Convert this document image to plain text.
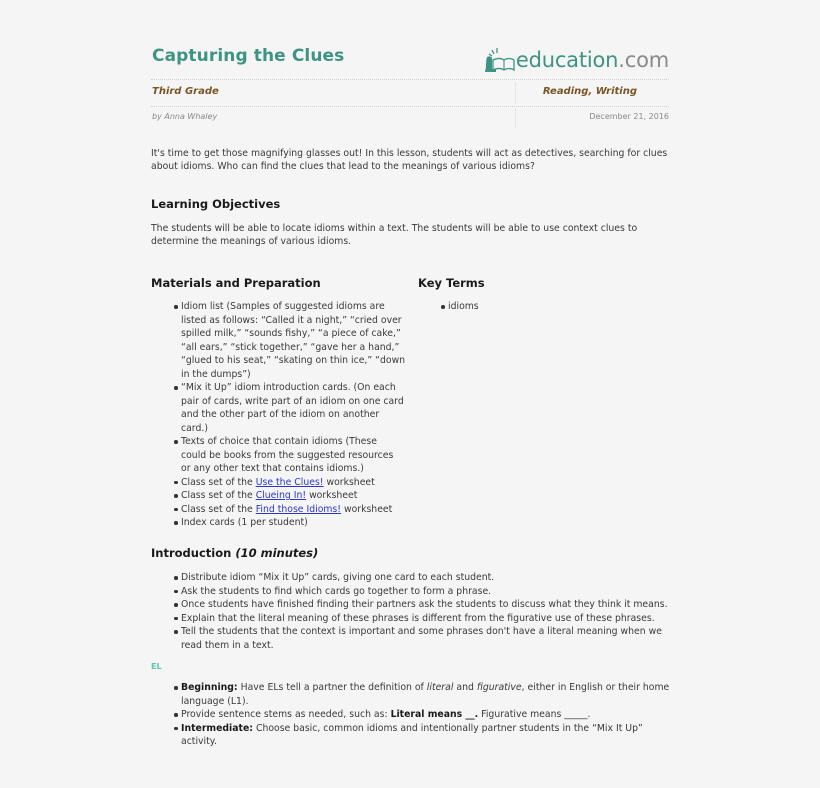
Capturing the Clues	education.com
Third Grade	Reading, Writing
by Anna Whaley	December 21, 2016
It's time to get those magnifying glasses out! In this lesson, students will act as detectives, searching for clues
about idioms. Who can find the clues that lead to the meanings of various idioms?
Learning Objectives
The students will be able to locate idioms within a text. The students will be able to use context clues to
determine the meanings of various idioms.
Materials and Preparation
Idiom list (Samples of suggested idioms are
listed as follows: “Called it a night,” “cried over
spilled milk,” “sounds fishy,” “a piece of cake,”
“all ears,” “stick together,” “gave her a hand,”
“glued to his seat,” “skating on thin ice,” “down
in the dumps”)
“Mix it Up” idiom introduction cards. (On each
pair of cards, write part of an idiom on one card
and the other part of the idiom on another
card.)
Texts of choice that contain idioms (These
could be books from the suggested resources
or any other text that contains idioms.)
Class set of the Use the Clues! worksheet
Class set of the Clueing In! worksheet
Class set of the Find those Idioms! worksheet
Index cards (1 per student)
Key Terms
idioms
Introduction (10 minutes)
Distribute idiom “Mix it Up” cards, giving one card to each student.
Ask the students to find which cards go together to form a phrase.
Once students have finished finding their partners ask the students to discuss what they think it means.
Explain that the literal meaning of these phrases is different from the figurative use of these phrases.
Tell the students that the context is important and some phrases don't have a literal meaning when we
read them in a text.
EL
Beginning: Have ELs tell a partner the definition of literal and figurative, either in English or their home
language (L1).
Provide sentence stems as needed, such as: Literal means __. Figurative means _____.
Intermediate: Choose basic, common idioms and intentionally partner students in the “Mix It Up”
activity.
